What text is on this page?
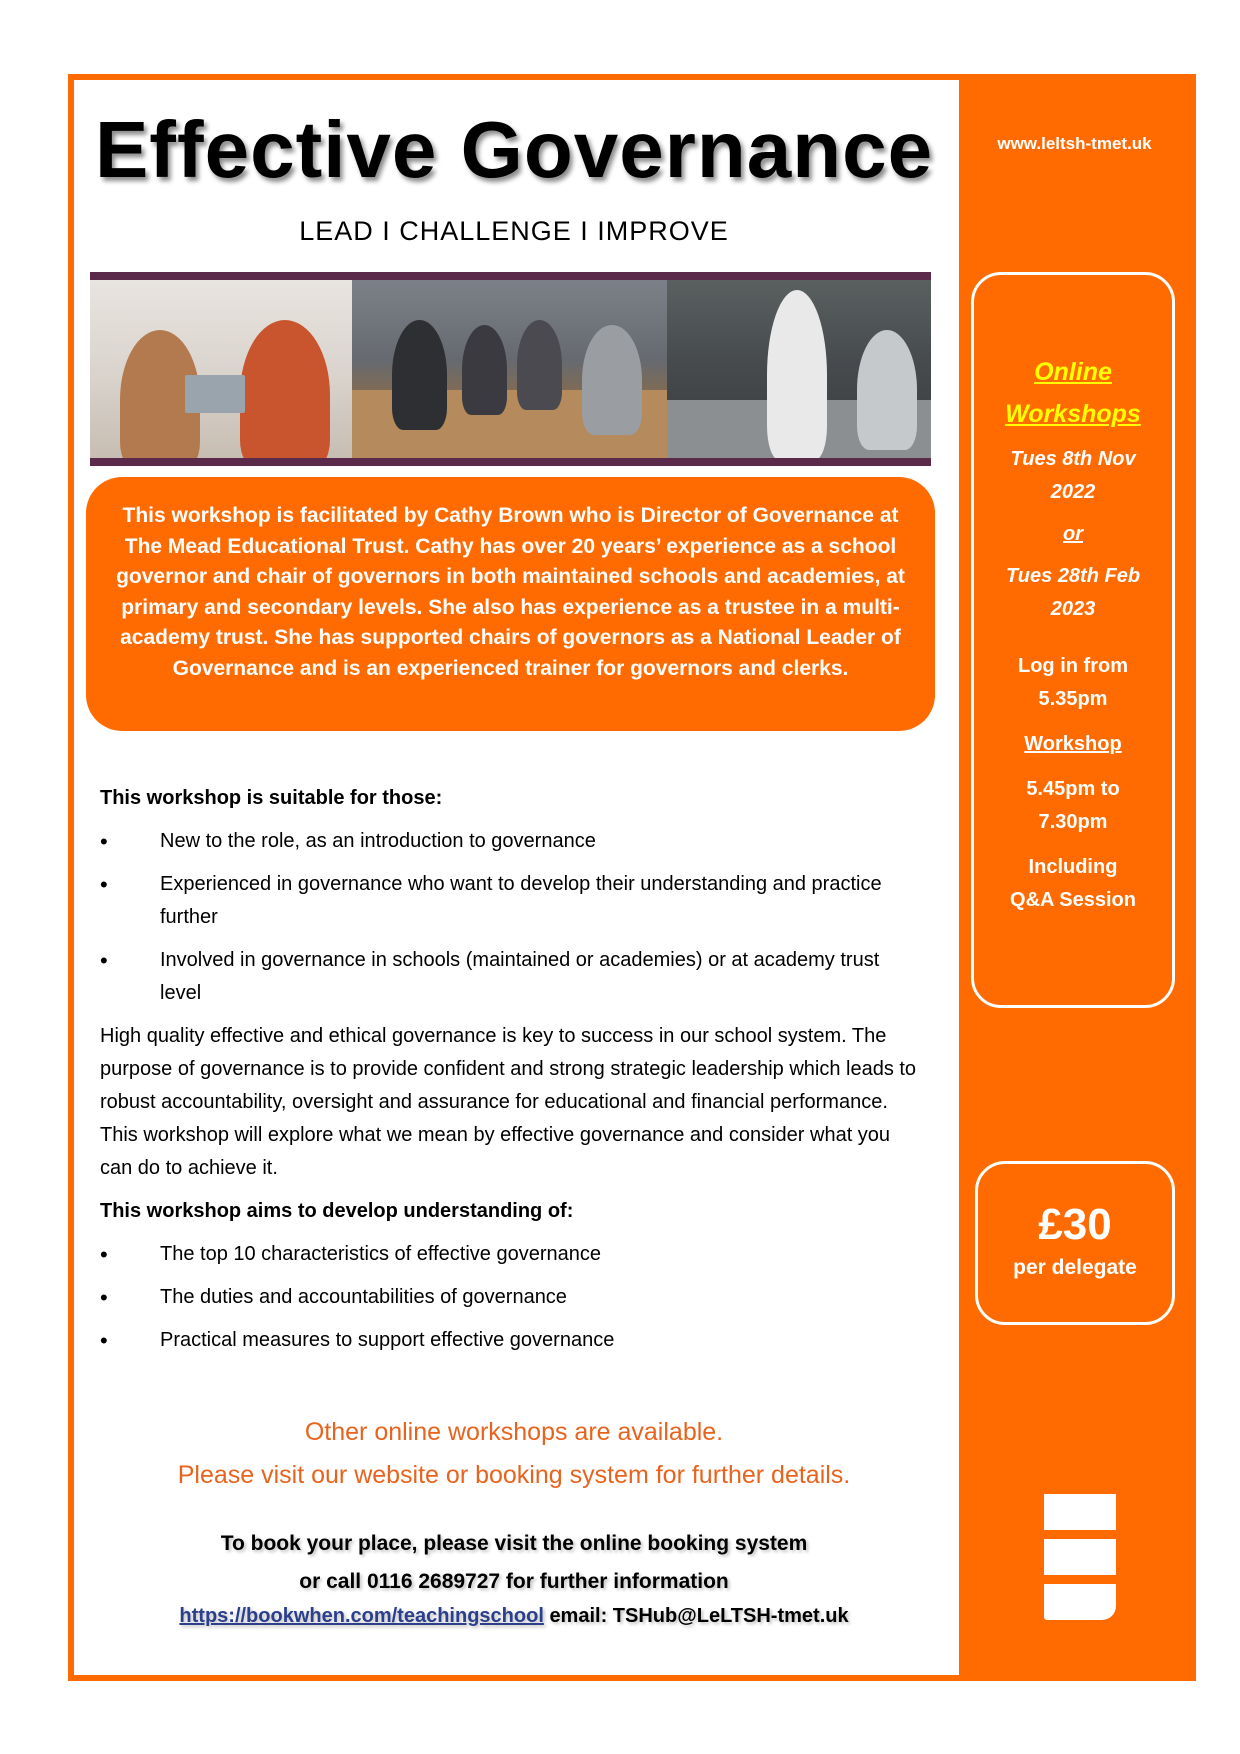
www.leltsh-tmet.uk
Online
Workshops
Tues 8th Nov
2022
or
Tues 28th Feb
2023
Log in from
5.35pm
Workshop
5.45pm to
7.30pm
Including
Q&A Session
£30
per delegate
Effective Governance
LEAD I CHALLENGE I IMPROVE
This workshop is facilitated by Cathy Brown who is Director of Governance at The Mead Educational Trust. Cathy has over 20 years’ experience as a school governor and chair of governors in both maintained schools and academies, at primary and secondary levels. She also has experience as a trustee in a multi-academy trust. She has supported chairs of governors as a National Leader of Governance and is an experienced trainer for governors and clerks.

This workshop is suitable for those:

• New to the role, as an introduction to governance
• Experienced in governance who want to develop their understanding and practice further
• Involved in governance in schools (maintained or academies) or at academy trust level

High quality effective and ethical governance is key to success in our school system. The purpose of governance is to provide confident and strong strategic leadership which leads to robust accountability, oversight and assurance for educational and financial performance. This workshop will explore what we mean by effective governance and consider what you can do to achieve it.

This workshop aims to develop understanding of:

• The top 10 characteristics of effective governance
• The duties and accountabilities of governance
• Practical measures to support effective governance
Other online workshops are available.
Please visit our website or booking system for further details.
To book your place, please visit the online booking system
or call 0116 2689727 for further information
https://bookwhen.com/teachingschool email: TSHub@LeLTSH-tmet.uk
